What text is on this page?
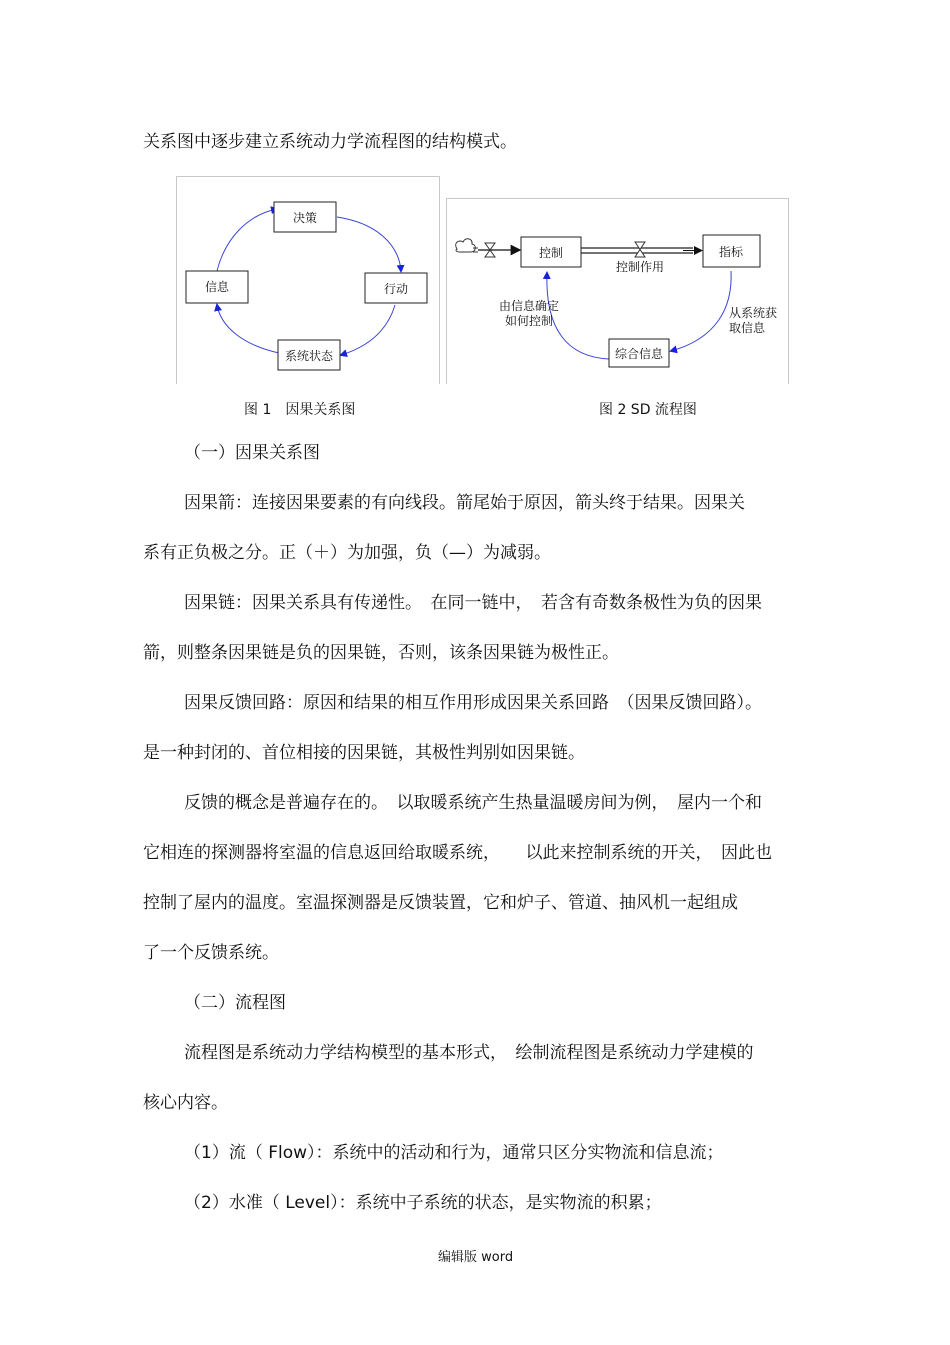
关系图中逐步建立系统动力学流程图的结构模式。

决策
行动
系统状态
信息
控制
控制作用
指标
综合信息
由信息确定
如何控制
从系统获
取信息
图 1　因果关系图	图 2 SD 流程图

（一）因果关系图

因果箭：连接因果要素的有向线段。箭尾始于原因，箭头终于结果。因果关

系有正负极之分。正（＋）为加强，负（—）为减弱。

因果链：因果关系具有传递性。　在同一链中，　若含有奇数条极性为负的因果

箭，则整条因果链是负的因果链，否则，该条因果链为极性正。

因果反馈回路：原因和结果的相互作用形成因果关系回路　（因果反馈回路）。

是一种封闭的、首位相接的因果链，其极性判别如因果链。

反馈的概念是普遍存在的。　以取暖系统产生热量温暖房间为例，　屋内一个和

它相连的探测器将室温的信息返回给取暖系统，　　以此来控制系统的开关，　因此也

控制了屋内的温度。室温探测器是反馈装置，它和炉子、管道、抽风机一起组成

了一个反馈系统。

（二）流程图

流程图是系统动力学结构模型的基本形式，　绘制流程图是系统动力学建模的

核心内容。

（1）流（ Flow）：系统中的活动和行为，通常只区分实物流和信息流；

（2）水准（ Level）：系统中子系统的状态，是实物流的积累；

编辑版 word
